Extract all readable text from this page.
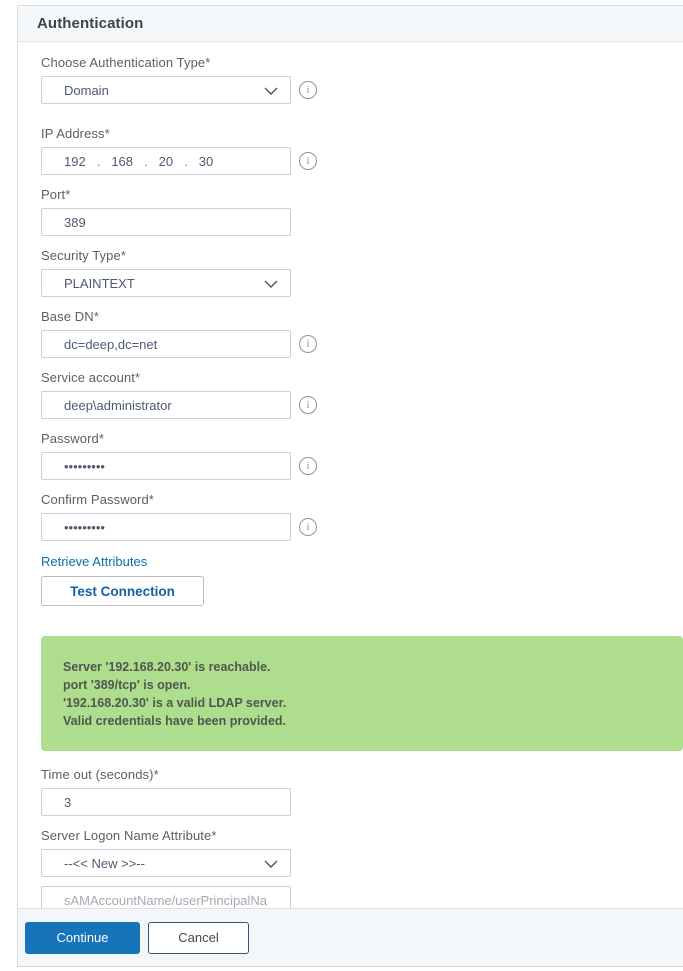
Authentication
Choose Authentication Type*
Domain	i
IP Address*
192 . 168 . 20 . 30	i
Port*
389
Security Type*
PLAINTEXT
Base DN*
dc=deep,dc=net
i
Service account*
deep\administrator
i
Password*
•••••••••
i
Confirm Password*
•••••••••
i
Retrieve Attributes
Test Connection
Server '192.168.20.30' is reachable.
port '389/tcp' is open.
'192.168.20.30' is a valid LDAP server.
Valid credentials have been provided.
Time out (seconds)*
3
Server Logon Name Attribute*
--<< New >>--
sAMAccountName/userPrincipalNa
Continue	Cancel
